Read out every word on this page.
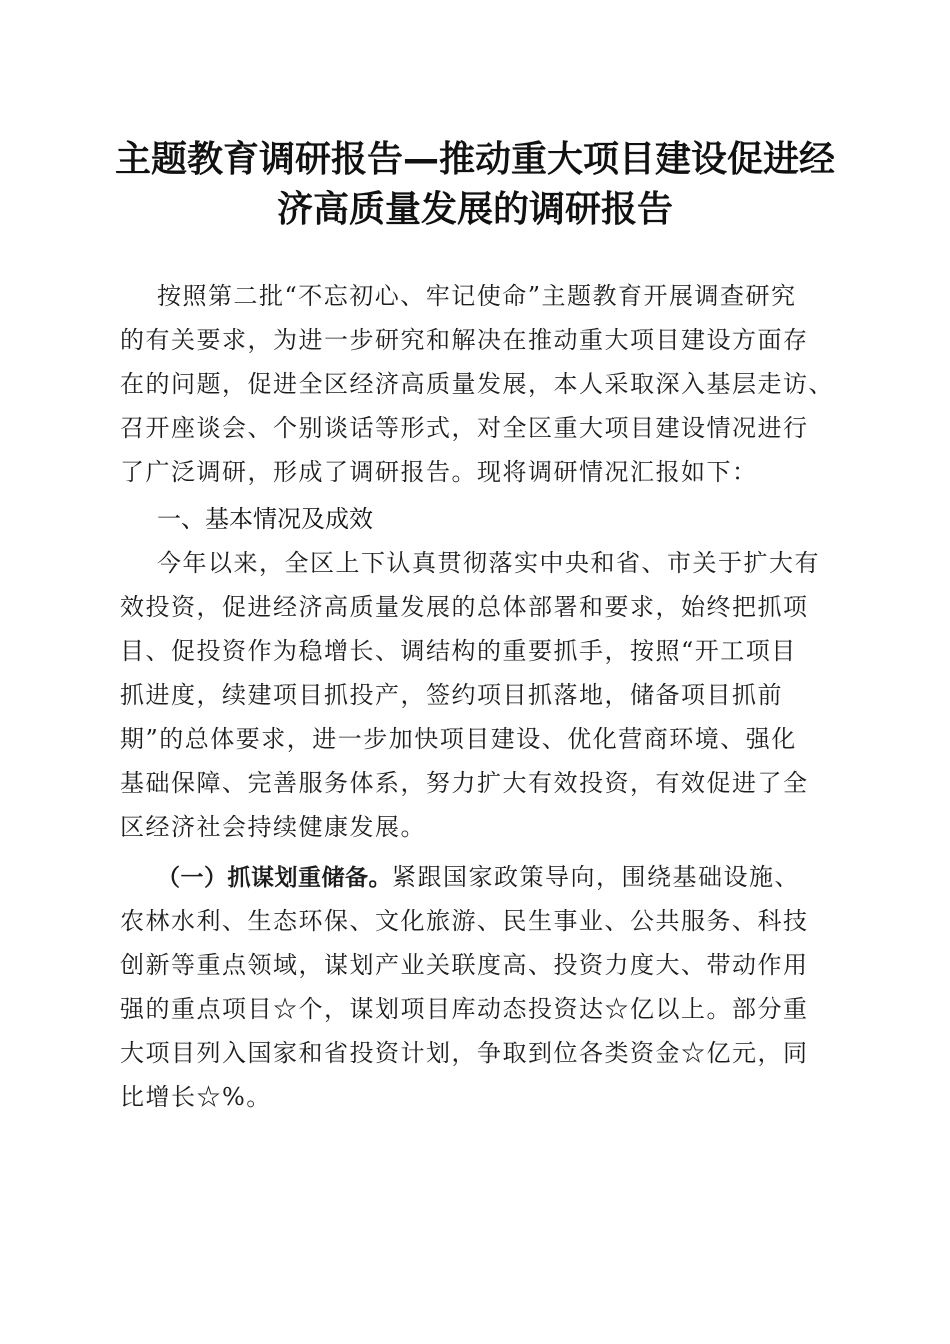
主题教育调研报告—推动重大项目建设促进经
济高质量发展的调研报告
按照第二批“不忘初心、牢记使命”主题教育开展调查研究
的有关要求，为进一步研究和解决在推动重大项目建设方面存
在的问题，促进全区经济高质量发展，本人采取深入基层走访、
召开座谈会、个别谈话等形式，对全区重大项目建设情况进行
了广泛调研，形成了调研报告。现将调研情况汇报如下：
一、基本情况及成效
今年以来，全区上下认真贯彻落实中央和省、市关于扩大有
效投资，促进经济高质量发展的总体部署和要求，始终把抓项
目、促投资作为稳增长、调结构的重要抓手，按照“开工项目
抓进度，续建项目抓投产，签约项目抓落地，储备项目抓前
期”的总体要求，进一步加快项目建设、优化营商环境、强化
基础保障、完善服务体系，努力扩大有效投资，有效促进了全
区经济社会持续健康发展。
（一）抓谋划重储备。紧跟国家政策导向，围绕基础设施、
农林水利、生态环保、文化旅游、民生事业、公共服务、科技
创新等重点领域，谋划产业关联度高、投资力度大、带动作用
强的重点项目☆个，谋划项目库动态投资达☆亿以上。部分重
大项目列入国家和省投资计划，争取到位各类资金☆亿元，同
比增长☆%。
